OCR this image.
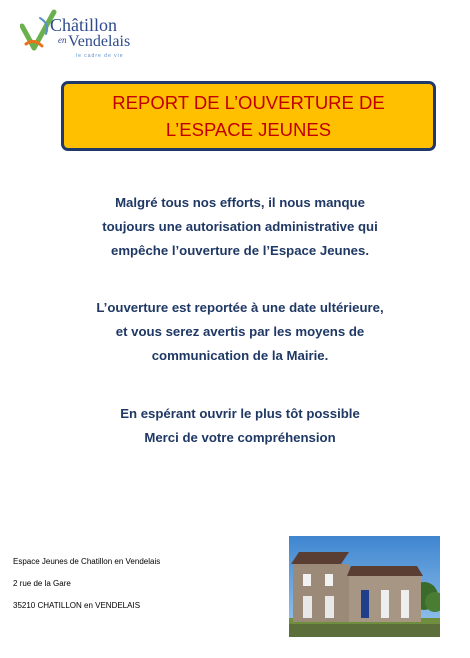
Châtillon
en Vendelais
le cadre de vie
REPORT DE L’OUVERTURE DE
L’ESPACE JEUNES
Malgré tous nos efforts, il nous manque
toujours une autorisation administrative qui
empêche l’ouverture de l’Espace Jeunes.
L’ouverture est reportée à une date ultérieure,
et vous serez avertis par les moyens de
communication de la Mairie.
En espérant ouvrir le plus tôt possible
Merci de votre compréhension
Espace Jeunes de Chatillon en Vendelais
2 rue de la Gare
35210 CHATILLON en VENDELAIS
